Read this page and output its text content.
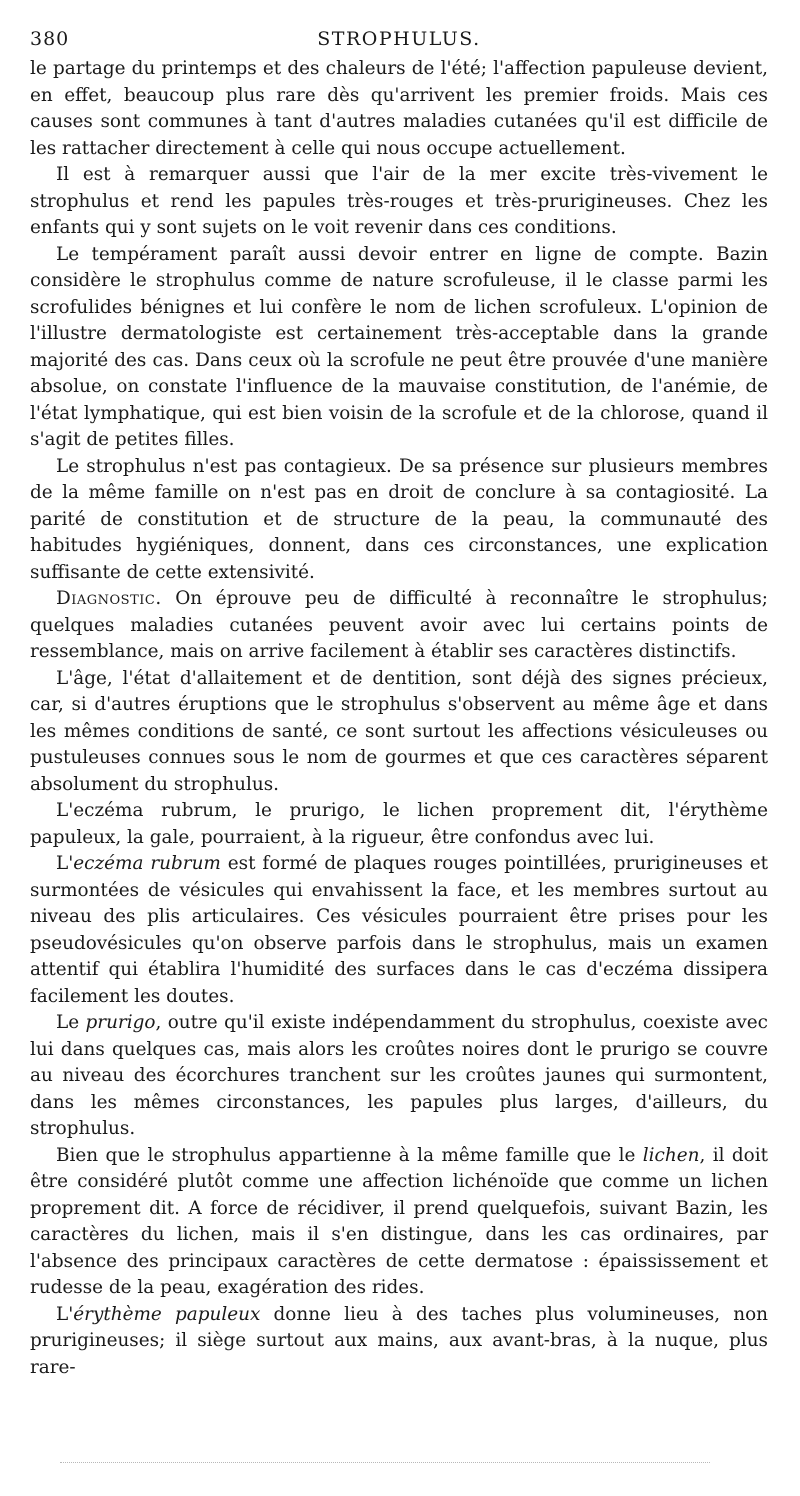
380	STROPHULUS.

le partage du printemps et des chaleurs de l'été; l'affection papuleuse devient, en effet, beaucoup plus rare dès qu'arrivent les premier froids. Mais ces causes sont communes à tant d'autres maladies cutanées qu'il est difficile de les rattacher directement à celle qui nous occupe actuellement.

Il est à remarquer aussi que l'air de la mer excite très-vivement le strophulus et rend les papules très-rouges et très-prurigineuses. Chez les enfants qui y sont sujets on le voit revenir dans ces conditions.

Le tempérament paraît aussi devoir entrer en ligne de compte. Bazin considère le strophulus comme de nature scrofuleuse, il le classe parmi les scrofulides bénignes et lui confère le nom de lichen scrofuleux. L'opinion de l'illustre dermatologiste est certainement très-acceptable dans la grande majorité des cas. Dans ceux où la scrofule ne peut être prouvée d'une manière absolue, on constate l'influence de la mauvaise constitution, de l'anémie, de l'état lymphatique, qui est bien voisin de la scrofule et de la chlorose, quand il s'agit de petites filles.

Le strophulus n'est pas contagieux. De sa présence sur plusieurs membres de la même famille on n'est pas en droit de conclure à sa contagiosité. La parité de constitution et de structure de la peau, la communauté des habitudes hygiéniques, donnent, dans ces circonstances, une explication suffisante de cette extensivité.

Diagnostic. On éprouve peu de difficulté à reconnaître le strophulus; quelques maladies cutanées peuvent avoir avec lui certains points de ressemblance, mais on arrive facilement à établir ses caractères distinctifs.

L'âge, l'état d'allaitement et de dentition, sont déjà des signes précieux, car, si d'autres éruptions que le strophulus s'observent au même âge et dans les mêmes conditions de santé, ce sont surtout les affections vésiculeuses ou pustuleuses connues sous le nom de gourmes et que ces caractères séparent absolument du strophulus.

L'eczéma rubrum, le prurigo, le lichen proprement dit, l'érythème papuleux, la gale, pourraient, à la rigueur, être confondus avec lui.

L'eczéma rubrum est formé de plaques rouges pointillées, prurigineuses et surmontées de vésicules qui envahissent la face, et les membres surtout au niveau des plis articulaires. Ces vésicules pourraient être prises pour les pseudovésicules qu'on observe parfois dans le strophulus, mais un examen attentif qui établira l'humidité des surfaces dans le cas d'eczéma dissipera facilement les doutes.

Le prurigo, outre qu'il existe indépendamment du strophulus, coexiste avec lui dans quelques cas, mais alors les croûtes noires dont le prurigo se couvre au niveau des écorchures tranchent sur les croûtes jaunes qui surmontent, dans les mêmes circonstances, les papules plus larges, d'ailleurs, du strophulus.

Bien que le strophulus appartienne à la même famille que le lichen, il doit être considéré plutôt comme une affection lichénoïde que comme un lichen proprement dit. A force de récidiver, il prend quelquefois, suivant Bazin, les caractères du lichen, mais il s'en distingue, dans les cas ordinaires, par l'absence des principaux caractères de cette dermatose : épaississement et rudesse de la peau, exagération des rides.

L'érythème papuleux donne lieu à des taches plus volumineuses, non prurigineuses; il siège surtout aux mains, aux avant-bras, à la nuque, plus rare-
